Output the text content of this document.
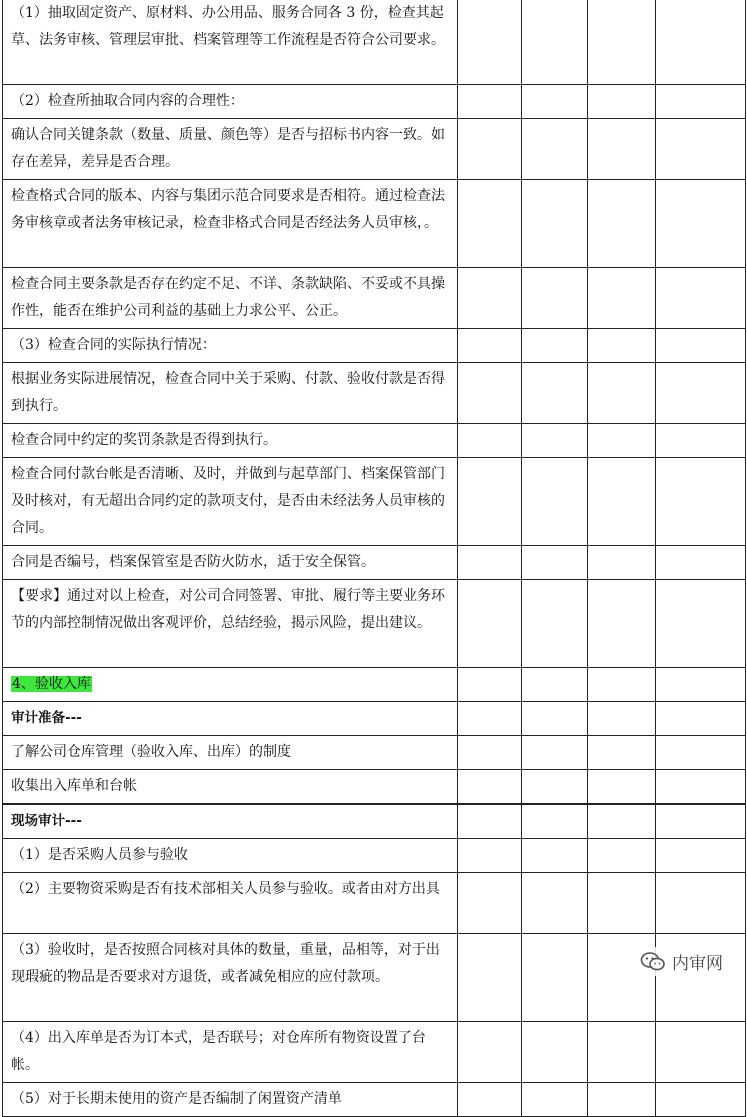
（1）抽取固定资产、原材料、办公用品、服务合同各 3 份，检查其起草、法务审核、管理层审批、档案管理等工作流程是否符合公司要求。				
（2）检查所抽取合同内容的合理性：				
确认合同关键条款（数量、质量、颜色等）是否与招标书内容一致。如存在差异，差异是否合理。				
检查格式合同的版本、内容与集团示范合同要求是否相符。通过检查法务审核章或者法务审核记录，检查非格式合同是否经法务人员审核，。				
检查合同主要条款是否存在约定不足、不详、条款缺陷、不妥或不具操作性，能否在维护公司利益的基础上力求公平、公正。				
（3）检查合同的实际执行情况：				
根据业务实际进展情况，检查合同中关于采购、付款、验收付款是否得到执行。				
检查合同中约定的奖罚条款是否得到执行。				
检查合同付款台帐是否清晰、及时，并做到与起草部门、档案保管部门及时核对，有无超出合同约定的款项支付，是否由未经法务人员审核的合同。				
合同是否编号，档案保管室是否防火防水，适于安全保管。				
【要求】通过对以上检查，对公司合同签署、审批、履行等主要业务环节的内部控制情况做出客观评价，总结经验，揭示风险，提出建议。				
4、验收入库				
审计准备---				
了解公司仓库管理（验收入库、出库）的制度				
收集出入库单和台帐				
现场审计---				
（1）是否采购人员参与验收				
（2）主要物资采购是否有技术部相关人员参与验收。或者由对方出具				
（3）验收时，是否按照合同核对具体的数量，重量，品相等，对于出现瑕疵的物品是否要求对方退货，或者减免相应的应付款项。				
（4）出入库单是否为订本式，是否联号；对仓库所有物资设置了台帐。				
（5）对于长期未使用的资产是否编制了闲置资产清单				
内审网
